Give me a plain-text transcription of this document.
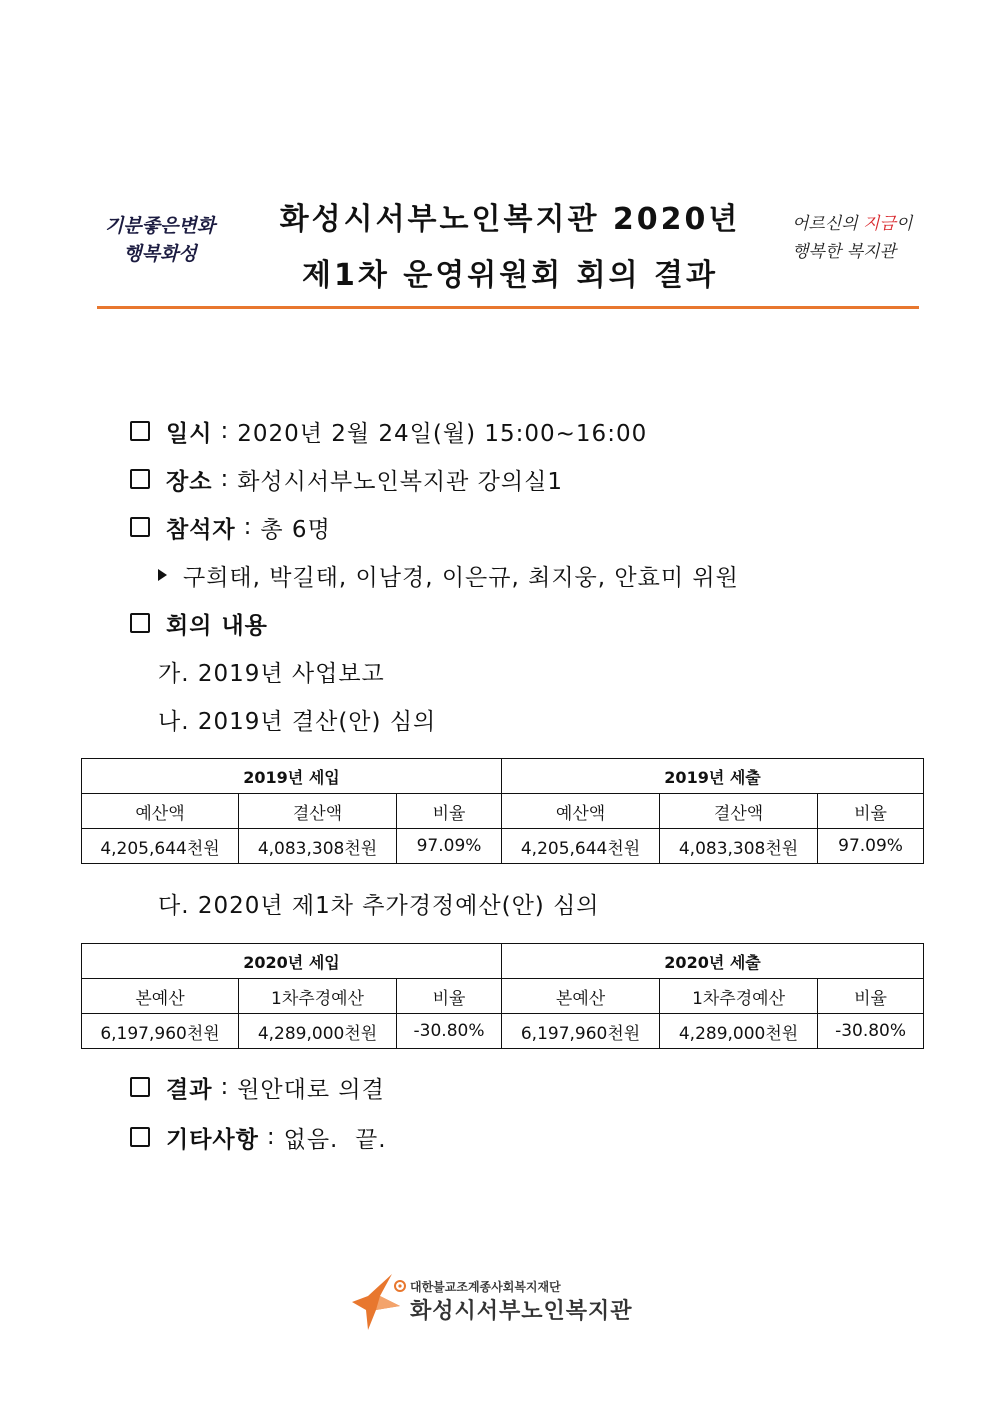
기분좋은변화
행복화성
화성시서부노인복지관 2020년
제1차 운영위원회 회의 결과
어르신의 지금이
행복한 복지관
일시 : 2020년 2월 24일(월) 15:00~16:00
장소 : 화성시서부노인복지관 강의실1
참석자 : 총 6명
구희태, 박길태, 이남경, 이은규, 최지웅, 안효미 위원
회의 내용
가. 2019년 사업보고
나. 2019년 결산(안) 심의
2019년 세입			2019년 세출		
예산액	결산액	비율	예산액	결산액	비율
4,205,644천원	4,083,308천원	97.09%	4,205,644천원	4,083,308천원	97.09%
다. 2020년 제1차 추가경정예산(안) 심의
2020년 세입			2020년 세출		
본예산	1차추경예산	비율	본예산	1차추경예산	비율
6,197,960천원	4,289,000천원	-30.80%	6,197,960천원	4,289,000천원	-30.80%
결과 : 원안대로 의결
기타사항 : 없음.  끝.
대한불교조계종사회복지재단
화성시서부노인복지관
